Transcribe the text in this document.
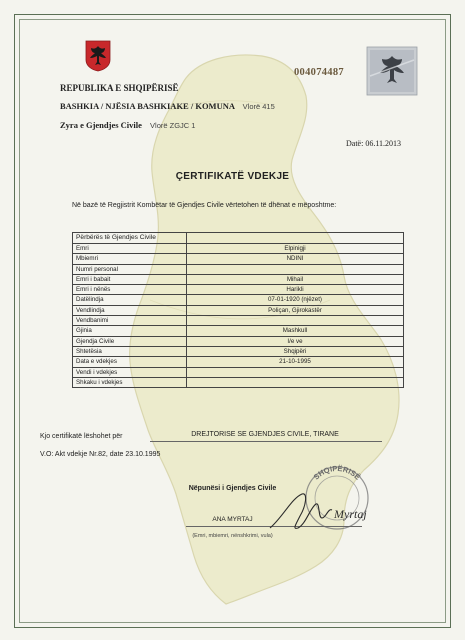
004074487
REPUBLIKA E SHQIPËRISË
BASHKIA / NJËSIA BASHKIAKE / KOMUNA Vlorë 415
Zyra e Gjendjes Civile Vlorë ZGJC 1
Datë: 06.11.2013
ÇERTIFIKATË VDEKJE
Në bazë të Regjistrit Kombëtar të Gjendjes Civile vërtetohen të dhënat e mëposhtme:
Përbërës të Gjendjes Civile	
Emri	Elpinigji
Mbiemri	NDINI
Numri personal	
Emri i babait	Mihail
Emri i nënës	Harikli
Datëlindja	07-01-1920 (njëzet)
Vendlindja	Poliçan, Gjirokastër
Vendbanimi	
Gjinia	Mashkull
Gjendja Civile	I/e ve
Shtetësia	Shqipëri
Data e vdekjes	21-10-1995
Vendi i vdekjes	
Shkaku i vdekjes	
Kjo certifikatë lëshohet për	DREJTORISE SE GJENDJES CIVILE, TIRANE
V.O: Akt vdekje Nr.82, date 23.10.1995
SHQIPËRISË
Nëpunësi i Gjendjes Civile
ANA MYRTAJ
(Emri, mbiemri, nënshkrimi, vula)
Myrtaj
